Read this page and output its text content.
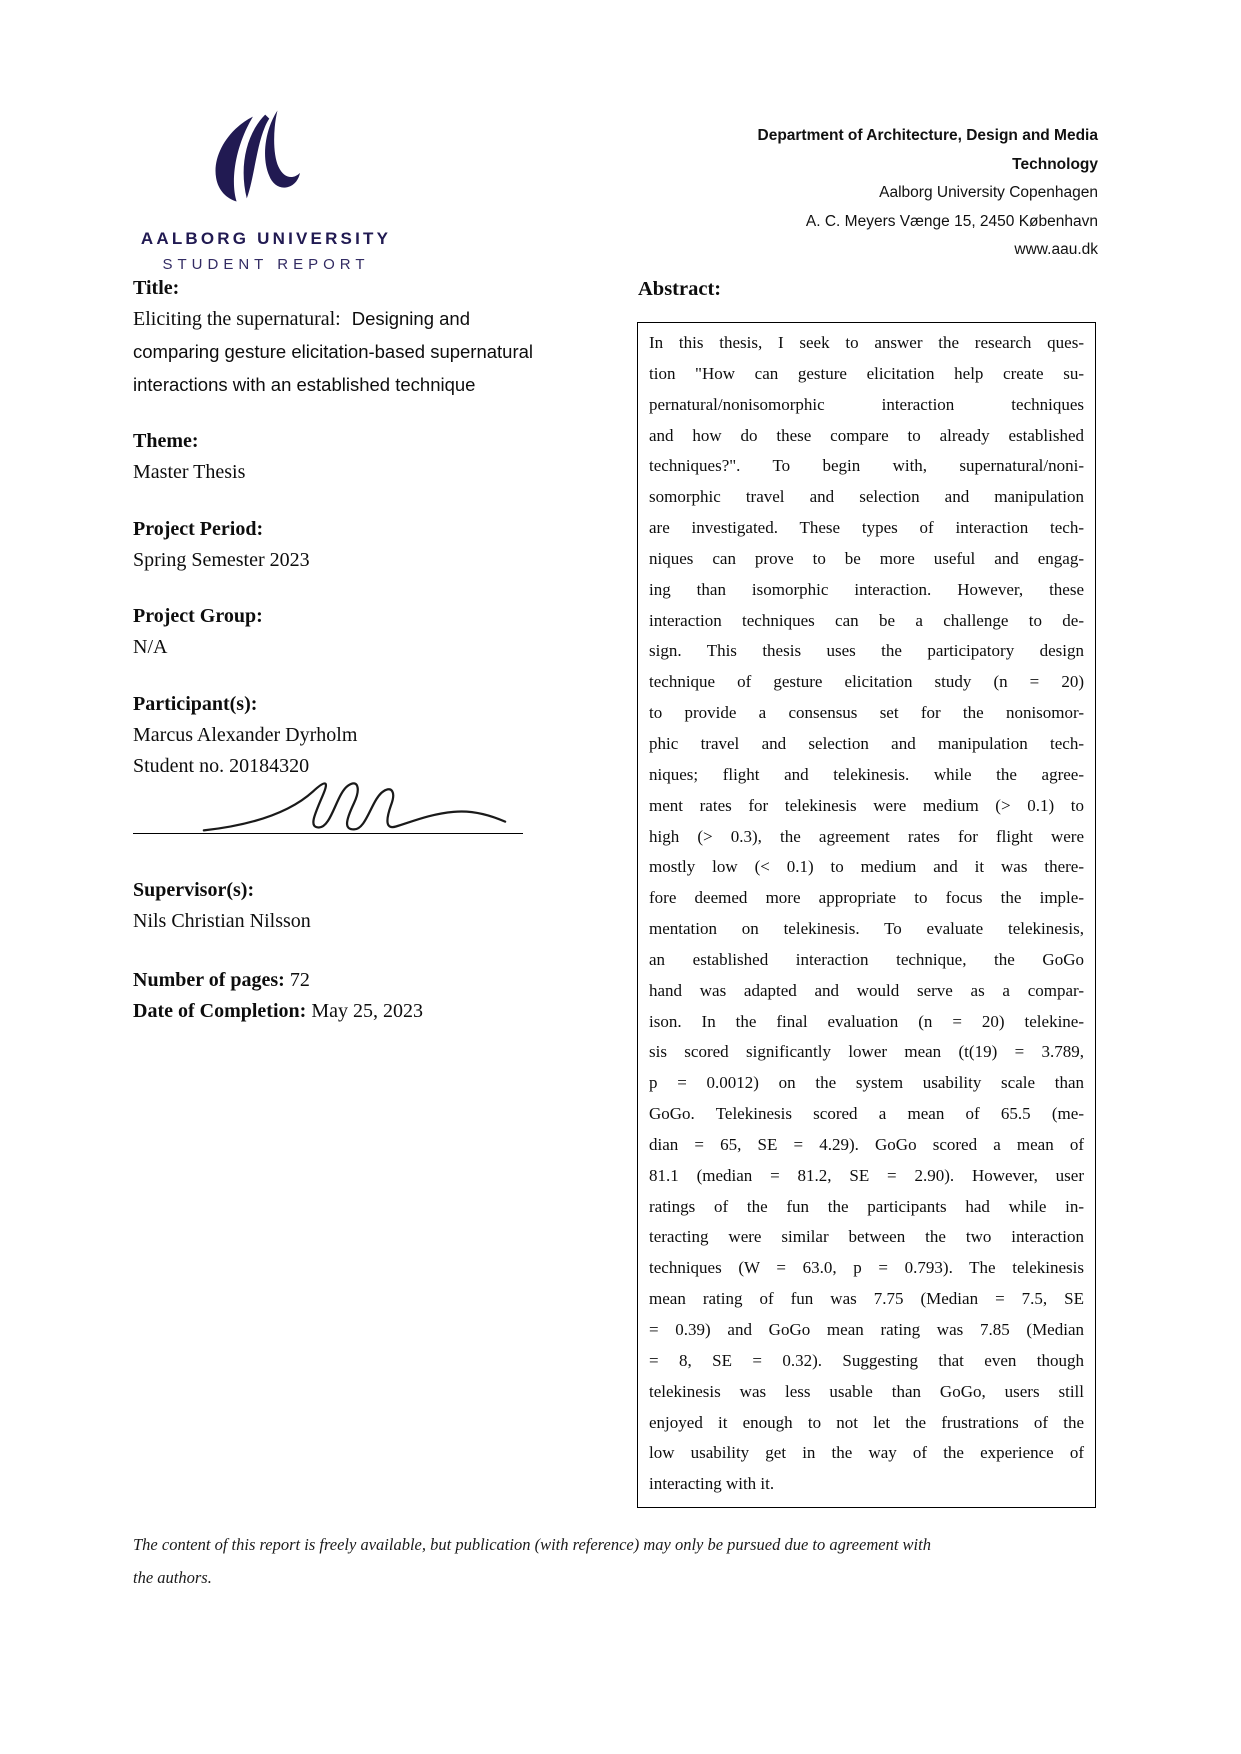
AALBORG UNIVERSITY
STUDENT REPORT
Department of Architecture, Design and Media
Technology
Aalborg University Copenhagen
A. C. Meyers Vænge 15, 2450 København
www.aau.dk
Title:
Eliciting the supernatural: Designing and
comparing gesture elicitation-based supernatural
interactions with an established technique
Theme:
Master Thesis
Project Period:
Spring Semester 2023
Project Group:
N/A
Participant(s):
Marcus Alexander Dyrholm
Student no. 20184320
Supervisor(s):
Nils Christian Nilsson
Number of pages: 72
Date of Completion: May 25, 2023
Abstract:
In this thesis, I seek to answer the research ques-
tion "How can gesture elicitation help create su-
pernatural/nonisomorphic interaction techniques
and how do these compare to already established
techniques?". To begin with, supernatural/noni-
somorphic travel and selection and manipulation
are investigated. These types of interaction tech-
niques can prove to be more useful and engag-
ing than isomorphic interaction. However, these
interaction techniques can be a challenge to de-
sign. This thesis uses the participatory design
technique of gesture elicitation study (n = 20)
to provide a consensus set for the nonisomor-
phic travel and selection and manipulation tech-
niques; flight and telekinesis. while the agree-
ment rates for telekinesis were medium (> 0.1) to
high (> 0.3), the agreement rates for flight were
mostly low (< 0.1) to medium and it was there-
fore deemed more appropriate to focus the imple-
mentation on telekinesis. To evaluate telekinesis,
an established interaction technique, the GoGo
hand was adapted and would serve as a compar-
ison. In the final evaluation (n = 20) telekine-
sis scored significantly lower mean (t(19) = 3.789,
p = 0.0012) on the system usability scale than
GoGo. Telekinesis scored a mean of 65.5 (me-
dian = 65, SE = 4.29). GoGo scored a mean of
81.1 (median = 81.2, SE = 2.90). However, user
ratings of the fun the participants had while in-
teracting were similar between the two interaction
techniques (W = 63.0, p = 0.793). The telekinesis
mean rating of fun was 7.75 (Median = 7.5, SE
= 0.39) and GoGo mean rating was 7.85 (Median
= 8, SE = 0.32). Suggesting that even though
telekinesis was less usable than GoGo, users still
enjoyed it enough to not let the frustrations of the
low usability get in the way of the experience of
interacting with it.
The content of this report is freely available, but publication (with reference) may only be pursued due to agreement with
the authors.
